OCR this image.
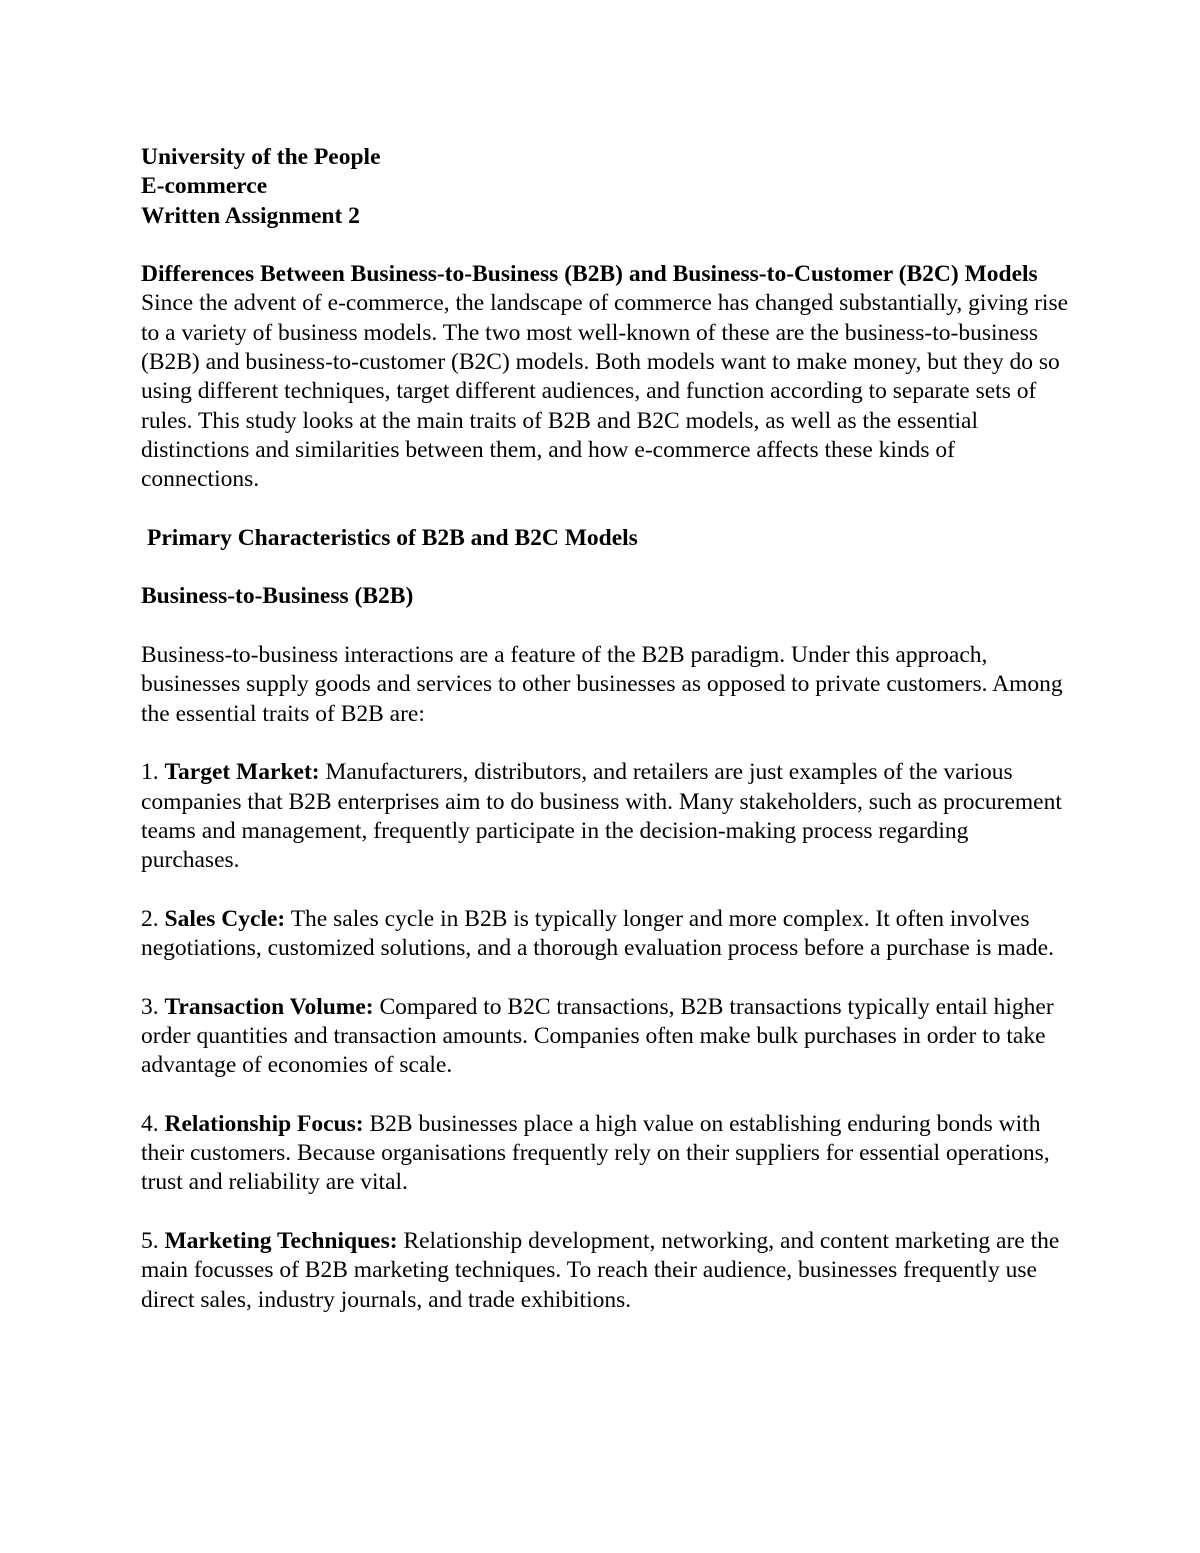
University of the People

E-commerce

Written Assignment 2

Differences Between Business-to-Business (B2B) and Business-to-Customer (B2C) Models

Since the advent of e-commerce, the landscape of commerce has changed substantially, giving rise to a variety of business models. The two most well-known of these are the business-to-business (B2B) and business-to-customer (B2C) models. Both models want to make money, but they do so using different techniques, target different audiences, and function according to separate sets of rules. This study looks at the main traits of B2B and B2C models, as well as the essential distinctions and similarities between them, and how e-commerce affects these kinds of connections.

Primary Characteristics of B2B and B2C Models

Business-to-Business (B2B)

Business-to-business interactions are a feature of the B2B paradigm. Under this approach, businesses supply goods and services to other businesses as opposed to private customers. Among the essential traits of B2B are:

1. Target Market: Manufacturers, distributors, and retailers are just examples of the various companies that B2B enterprises aim to do business with. Many stakeholders, such as procurement teams and management, frequently participate in the decision-making process regarding purchases.

2. Sales Cycle: The sales cycle in B2B is typically longer and more complex. It often involves negotiations, customized solutions, and a thorough evaluation process before a purchase is made.

3. Transaction Volume: Compared to B2C transactions, B2B transactions typically entail higher order quantities and transaction amounts. Companies often make bulk purchases in order to take advantage of economies of scale.

4. Relationship Focus: B2B businesses place a high value on establishing enduring bonds with their customers. Because organisations frequently rely on their suppliers for essential operations, trust and reliability are vital.

5. Marketing Techniques: Relationship development, networking, and content marketing are the main focusses of B2B marketing techniques. To reach their audience, businesses frequently use direct sales, industry journals, and trade exhibitions.
